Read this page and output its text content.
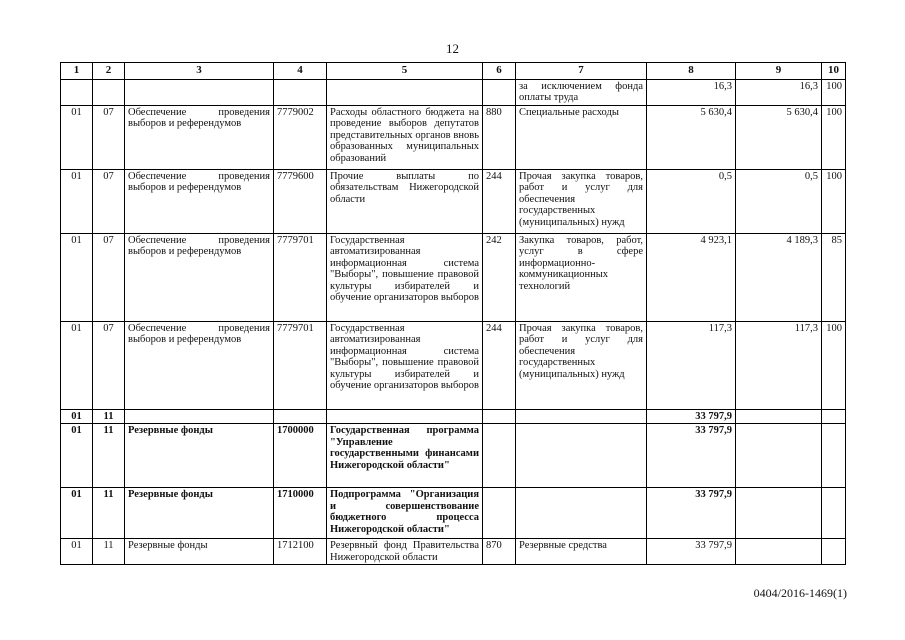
12
1	2	3	4	5	6	7	8	9	10
						за исключением фонда оплаты труда	16,3	16,3	100
01	07	Обеспечение проведения выборов и референдумов	7779002	Расходы областного бюджета на проведение выборов депутатов представительных органов вновь образованных муниципальных образований	880	Специальные расходы	5 630,4	5 630,4	100
01	07	Обеспечение проведения выборов и референдумов	7779600	Прочие выплаты по обязательствам Нижегородской области	244	Прочая закупка товаров, работ и услуг для обеспечения государственных (муниципальных) нужд	0,5	0,5	100
01	07	Обеспечение проведения выборов и референдумов	7779701	Государственная автоматизированная информационная система "Выборы", повышение правовой культуры избирателей и обучение организаторов выборов	242	Закупка товаров, работ, услуг в сфере информационно-коммуникационных технологий	4 923,1	4 189,3	85
01	07	Обеспечение проведения выборов и референдумов	7779701	Государственная автоматизированная информационная система "Выборы", повышение правовой культуры избирателей и обучение организаторов выборов	244	Прочая закупка товаров, работ и услуг для обеспечения государственных (муниципальных) нужд	117,3	117,3	100
01	11						33 797,9		
01	11	Резервные фонды	1700000	Государственная программа "Управление государственными финансами Нижегородской области"			33 797,9		
01	11	Резервные фонды	1710000	Подпрограмма "Организация и совершенствование бюджетного процесса Нижегородской области"			33 797,9		
01	11	Резервные фонды	1712100	Резервный фонд Правительства Нижегородской области	870	Резервные средства	33 797,9		
0404/2016-1469(1)
